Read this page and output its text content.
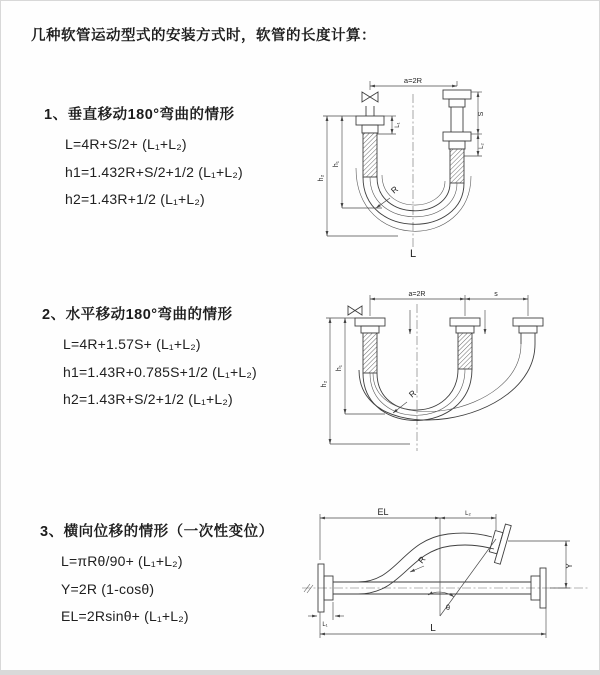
几种软管运动型式的安装方式时，软管的长度计算：
1、垂直移动180°弯曲的情形
L=4R+S/2+ (L₁+L₂)
h1=1.432R+S/2+1/2 (L₁+L₂)
h2=1.43R+1/2 (L₁+L₂)
2、水平移动180°弯曲的情形
L=4R+1.57S+ (L₁+L₂)
h1=1.43R+0.785S+1/2 (L₁+L₂)
h2=1.43R+S/2+1/2 (L₁+L₂)
3、横向位移的情形（一次性变位）
L=πRθ/90+ (L₁+L₂)
Y=2R (1-cosθ)
EL=2Rsinθ+ (L₁+L₂)
a=2R
R
h₁
h₂
L₁
S
L₂
L
a=2R	s
R
h₁
h₂
EL	L₂
θ
R
Y
L
L₁
